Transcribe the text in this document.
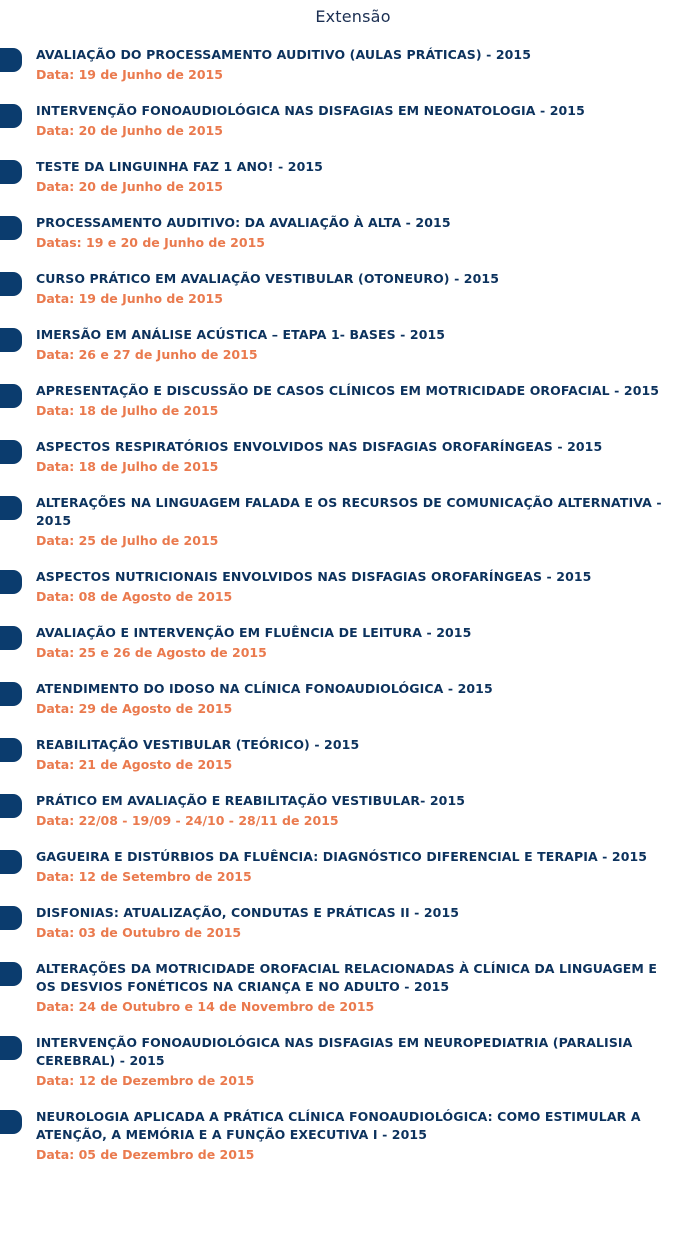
Extensão
AVALIAÇÃO DO PROCESSAMENTO AUDITIVO (AULAS PRÁTICAS) - 2015
Data: 19 de Junho de 2015
INTERVENÇÃO FONOAUDIOLÓGICA NAS DISFAGIAS EM NEONATOLOGIA - 2015
Data: 20 de Junho de 2015
TESTE DA LINGUINHA FAZ 1 ANO! - 2015
Data: 20 de Junho de 2015
PROCESSAMENTO AUDITIVO: DA AVALIAÇÃO À ALTA - 2015
Datas: 19 e 20 de Junho de 2015
CURSO PRÁTICO EM AVALIAÇÃO VESTIBULAR (OTONEURO) - 2015
Data: 19 de Junho de 2015
IMERSÃO EM ANÁLISE ACÚSTICA – ETAPA 1- BASES - 2015
Data: 26 e 27 de Junho de 2015
APRESENTAÇÃO E DISCUSSÃO DE CASOS CLÍNICOS EM MOTRICIDADE OROFACIAL - 2015
Data: 18 de Julho de 2015
ASPECTOS RESPIRATÓRIOS ENVOLVIDOS NAS DISFAGIAS OROFARÍNGEAS - 2015
Data: 18 de Julho de 2015
ALTERAÇÕES NA LINGUAGEM FALADA E OS RECURSOS DE COMUNICAÇÃO ALTERNATIVA - 2015
Data: 25 de Julho de 2015
ASPECTOS NUTRICIONAIS ENVOLVIDOS NAS DISFAGIAS OROFARÍNGEAS - 2015
Data: 08 de Agosto de 2015
AVALIAÇÃO E INTERVENÇÃO EM FLUÊNCIA DE LEITURA - 2015
Data: 25 e 26 de Agosto de 2015
ATENDIMENTO DO IDOSO NA CLÍNICA FONOAUDIOLÓGICA - 2015
Data: 29 de Agosto de 2015
REABILITAÇÃO VESTIBULAR (TEÓRICO) - 2015
Data: 21 de Agosto de 2015
PRÁTICO EM AVALIAÇÃO E REABILITAÇÃO VESTIBULAR- 2015
Data: 22/08 - 19/09 - 24/10 - 28/11 de 2015
GAGUEIRA E DISTÚRBIOS DA FLUÊNCIA: DIAGNÓSTICO DIFERENCIAL E TERAPIA - 2015
Data: 12 de Setembro de 2015
DISFONIAS: ATUALIZAÇÃO, CONDUTAS E PRÁTICAS II - 2015
Data: 03 de Outubro de 2015
ALTERAÇÕES DA MOTRICIDADE OROFACIAL RELACIONADAS À CLÍNICA DA LINGUAGEM E OS DESVIOS FONÉTICOS NA CRIANÇA E NO ADULTO - 2015
Data: 24 de Outubro e 14 de Novembro de 2015
INTERVENÇÃO FONOAUDIOLÓGICA NAS DISFAGIAS EM NEUROPEDIATRIA (PARALISIA CEREBRAL) - 2015
Data: 12 de Dezembro de 2015
NEUROLOGIA APLICADA A PRÁTICA CLÍNICA FONOAUDIOLÓGICA: COMO ESTIMULAR A ATENÇÃO, A MEMÓRIA E A FUNÇÃO EXECUTIVA I - 2015
Data: 05 de Dezembro de 2015
